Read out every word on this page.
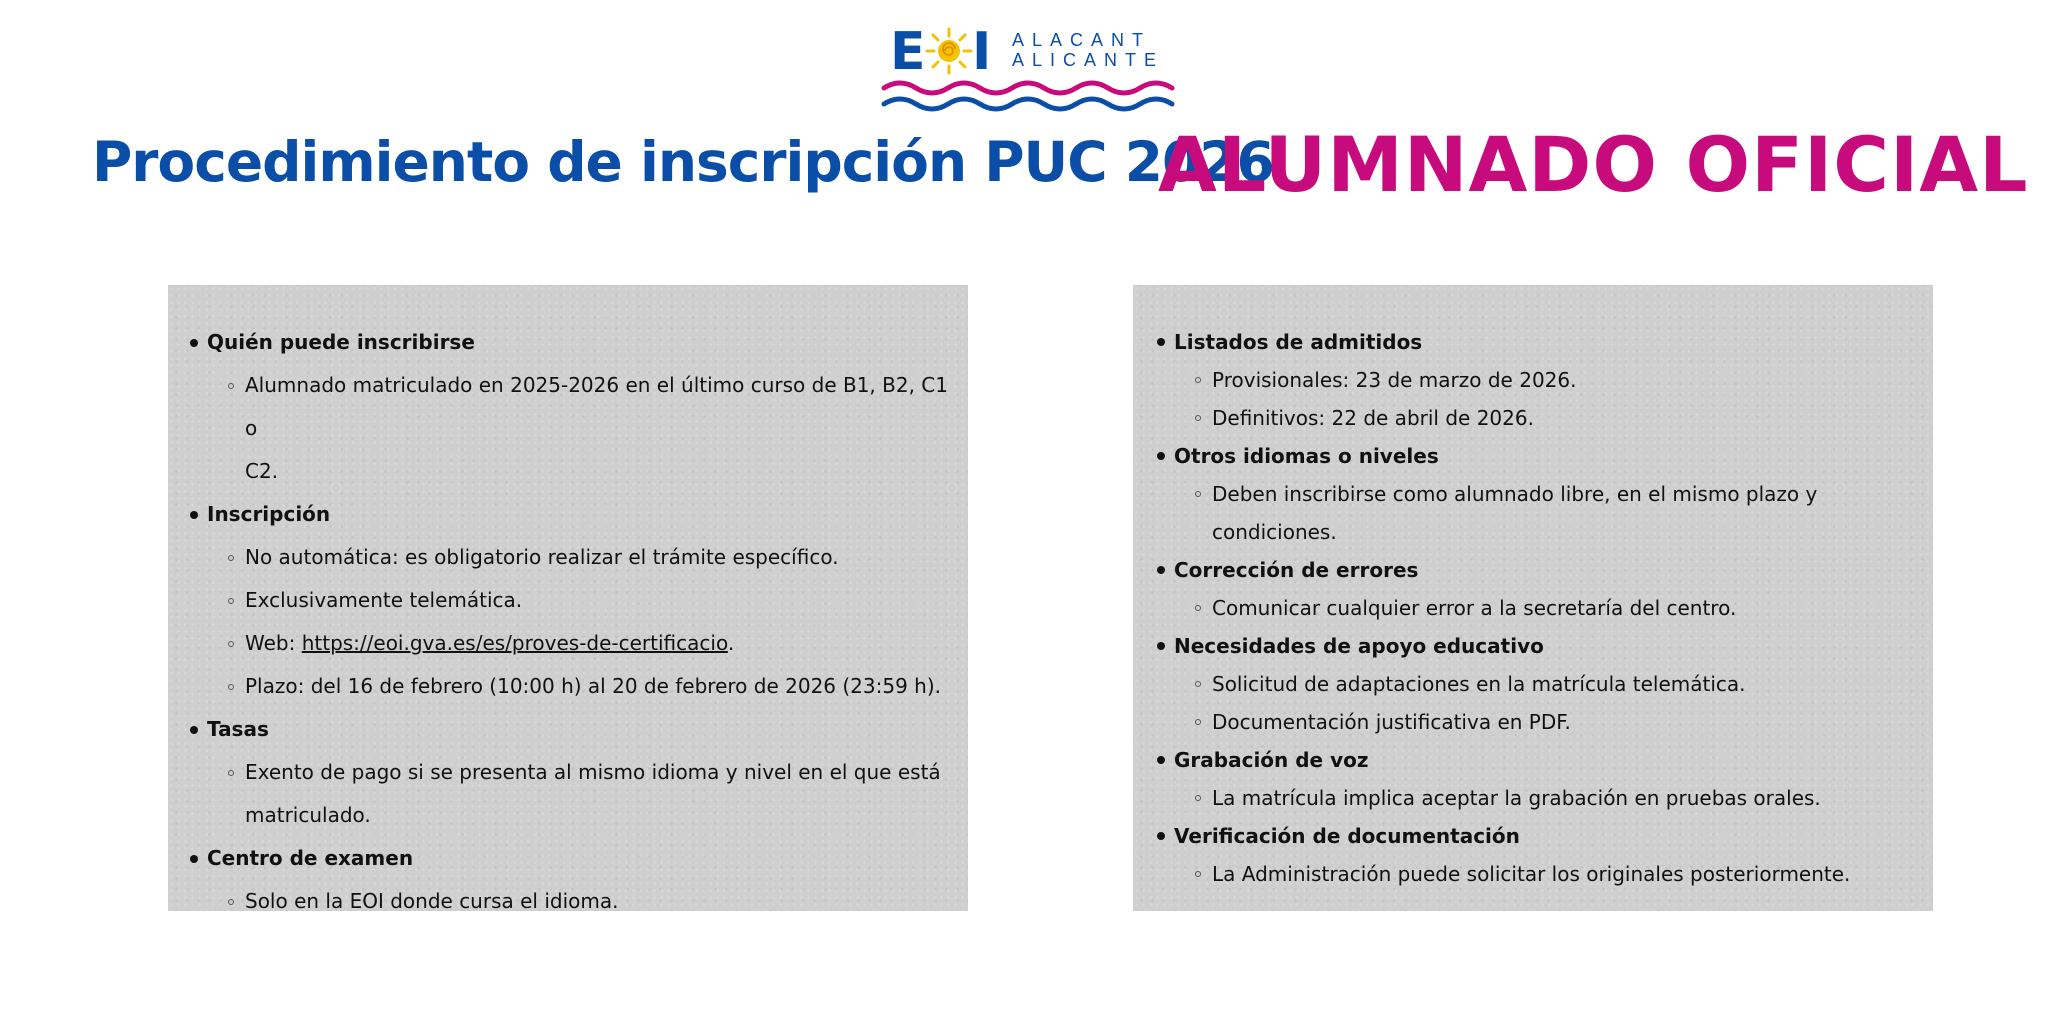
E I ALACANT
ALICANTE
Procedimiento de inscripción PUC 2026
ALUMNADO OFICIAL
Quién puede inscribirse
Alumnado matriculado en 2025-2026 en el último curso de B1, B2, C1 o
C2.
Inscripción
No automática: es obligatorio realizar el trámite específico.
Exclusivamente telemática.
Web: https://eoi.gva.es/es/proves-de-certificacio.
Plazo: del 16 de febrero (10:00 h) al 20 de febrero de 2026 (23:59 h).
Tasas
Exento de pago si se presenta al mismo idioma y nivel en el que está
matriculado.
Centro de examen
Solo en la EOI donde cursa el idioma.
Listados de admitidos
Provisionales: 23 de marzo de 2026.
Definitivos: 22 de abril de 2026.
Otros idiomas o niveles
Deben inscribirse como alumnado libre, en el mismo plazo y condiciones.
Corrección de errores
Comunicar cualquier error a la secretaría del centro.
Necesidades de apoyo educativo
Solicitud de adaptaciones en la matrícula telemática.
Documentación justificativa en PDF.
Grabación de voz
La matrícula implica aceptar la grabación en pruebas orales.
Verificación de documentación
La Administración puede solicitar los originales posteriormente.
